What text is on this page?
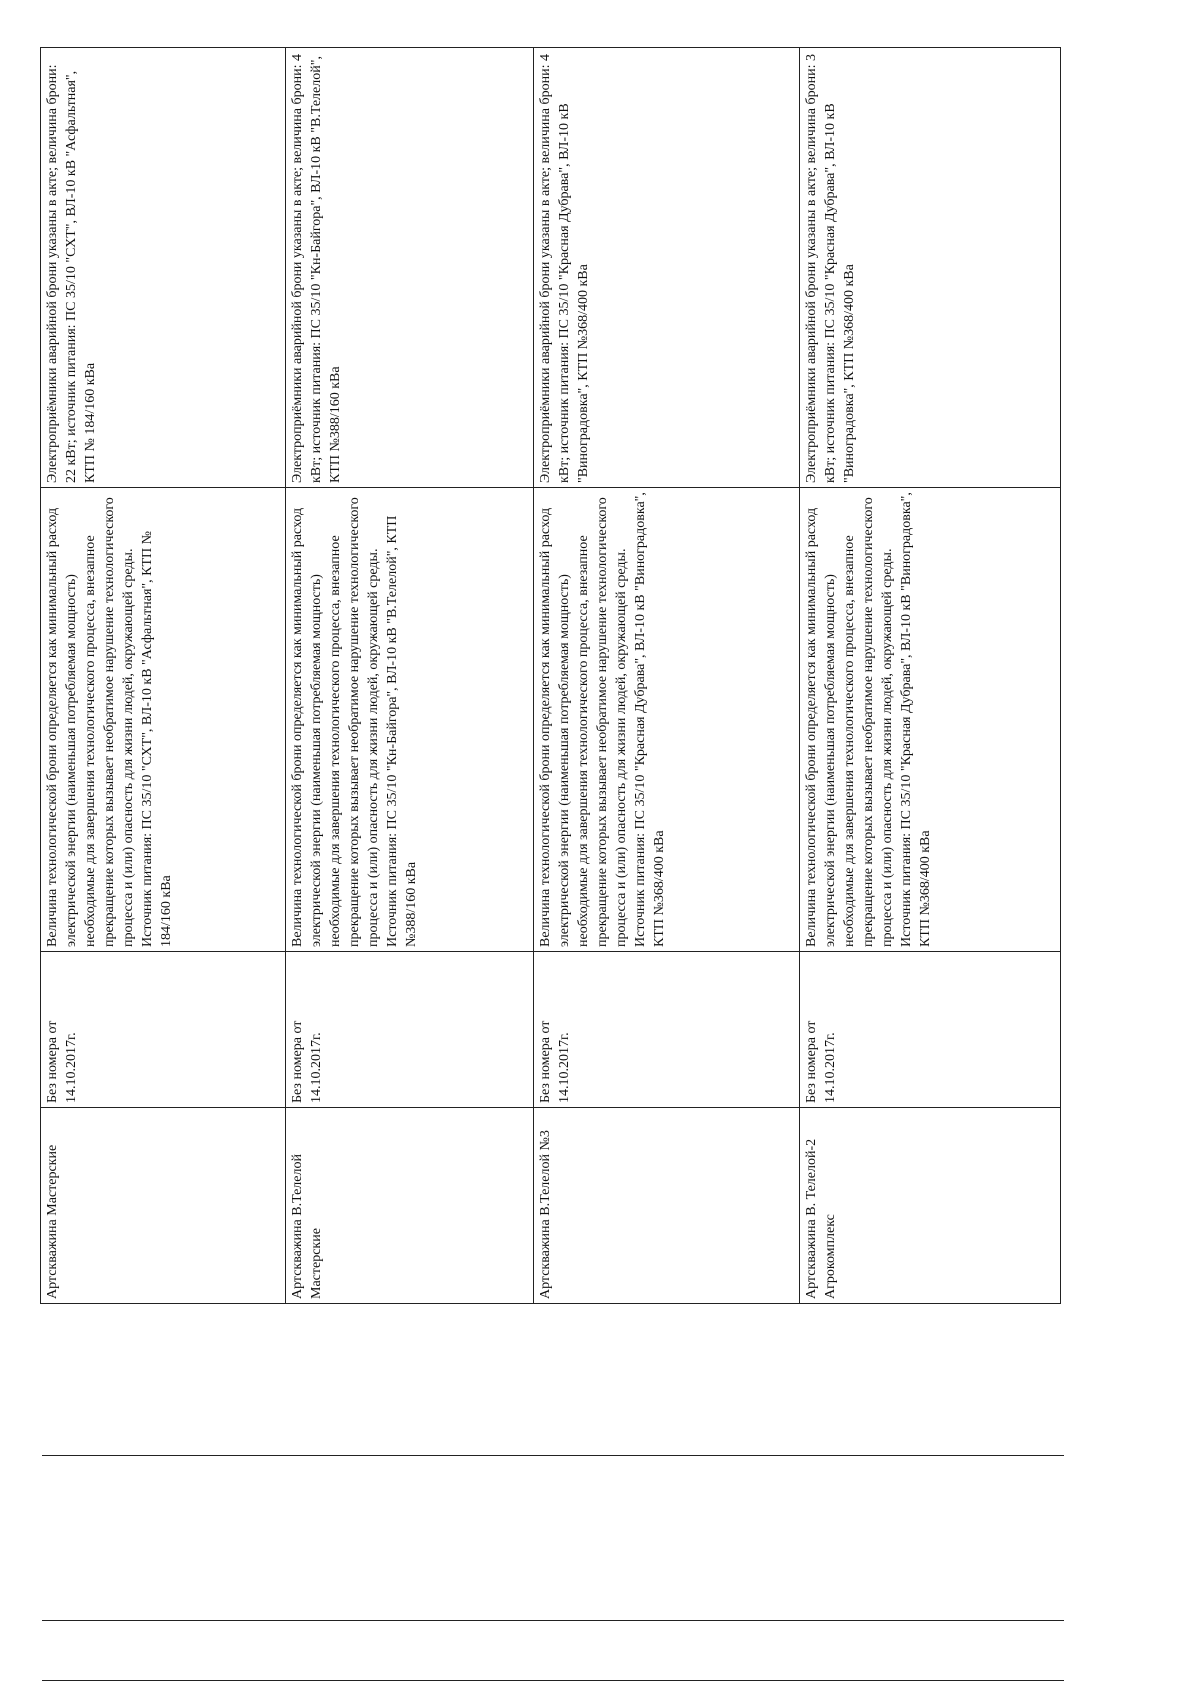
Артскважина Мастерские	Без номера от 14.10.2017г.	Величина технологической брони определяется как минимальный расход электрической энергии (наименьшая потребляемая мощность) необходимые для завершения технологического процесса, внезапное прекращение которых вызывает необратимое нарушение технологического процесса и (или) опасность для жизни людей, окружающей среды. Источник питания: ПС 35/10 "СХТ", ВЛ-10 кВ "Асфальтная", КТП № 184/160 кВа	Электроприёмники аварийной брони указаны в акте; величина брони: 22 кВт; источник питания: ПС 35/10 "СХТ", ВЛ-10 кВ "Асфальтная", КТП № 184/160 кВа
Артскважина В.Телелой Мастерские	Без номера от 14.10.2017г.	Величина технологической брони определяется как минимальный расход электрической энергии (наименьшая потребляемая мощность) необходимые для завершения технологического процесса, внезапное прекращение которых вызывает необратимое нарушение технологического процесса и (или) опасность для жизни людей, окружающей среды. Источник питания: ПС 35/10 "Кн-Байгора", ВЛ-10 кВ "В.Телелой", КТП №388/160 кВа	Электроприёмники аварийной брони указаны в акте; величина брони: 4 кВт; источник питания: ПС 35/10 "Кн-Байгора", ВЛ-10 кВ "В.Телелой", КТП №388/160 кВа
Артскважина В.Телелой №3	Без номера от 14.10.2017г.	Величина технологической брони определяется как минимальный расход электрической энергии (наименьшая потребляемая мощность) необходимые для завершения технологического процесса, внезапное прекращение которых вызывает необратимое нарушение технологического процесса и (или) опасность для жизни людей, окружающей среды. Источник питания: ПС 35/10 "Красная Дубрава", ВЛ-10 кВ "Виноградовка", КТП №368/400 кВа	Электроприёмники аварийной брони указаны в акте; величина брони: 4 кВт; источник питания: ПС 35/10 "Красная Дубрава", ВЛ-10 кВ "Виноградовка", КТП №368/400 кВа
Артскважина В. Телелой-2 Агрокомплекс	Без номера от 14.10.2017г.	Величина технологической брони определяется как минимальный расход электрической энергии (наименьшая потребляемая мощность) необходимые для завершения технологического процесса, внезапное прекращение которых вызывает необратимое нарушение технологического процесса и (или) опасность для жизни людей, окружающей среды. Источник питания: ПС 35/10 "Красная Дубрава", ВЛ-10 кВ "Виноградовка", КТП №368/400 кВа	Электроприёмники аварийной брони указаны в акте; величина брони: 3 кВт; источник питания: ПС 35/10 "Красная Дубрава", ВЛ-10 кВ "Виноградовка", КТП №368/400 кВа
